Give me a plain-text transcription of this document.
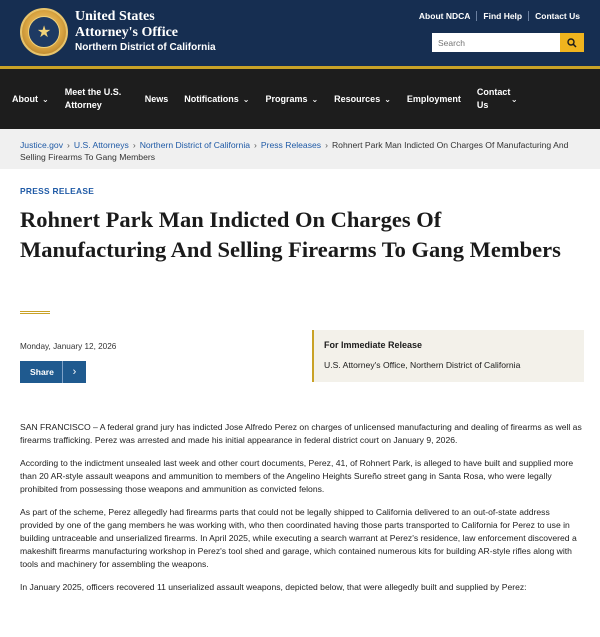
★
United States
Attorney's Office
Northern District of California
About NDCA	Find Help	Contact Us
Search
About ⌄
Meet the U.S. Attorney
News Notifications ⌄ Programs ⌄ Resources ⌄ Employment
Contact Us
⌄
Justice.gov › U.S. Attorneys › Northern District of California › Press Releases › Rohnert Park Man Indicted On Charges Of Manufacturing And Selling Firearms To Gang Members
PRESS RELEASE
Rohnert Park Man Indicted On Charges Of Manufacturing And Selling Firearms To Gang Members
Monday, January 12, 2026
Share	›
For Immediate Release
U.S. Attorney's Office, Northern District of California

SAN FRANCISCO – A federal grand jury has indicted Jose Alfredo Perez on charges of unlicensed manufacturing and dealing of firearms as well as firearms trafficking. Perez was arrested and made his initial appearance in federal district court on January 9, 2026.

According to the indictment unsealed last week and other court documents, Perez, 41, of Rohnert Park, is alleged to have built and supplied more than 20 AR-style assault weapons and ammunition to members of the Angelino Heights Sureño street gang in Santa Rosa, who were legally prohibited from possessing those weapons and ammunition as convicted felons.

As part of the scheme, Perez allegedly had firearms parts that could not be legally shipped to California delivered to an out-of-state address provided by one of the gang members he was working with, who then coordinated having those parts transported to California for Perez to use in building untraceable and unserialized firearms. In April 2025, while executing a search warrant at Perez's residence, law enforcement discovered a makeshift firearms manufacturing workshop in Perez's tool shed and garage, which contained numerous kits for building AR-style rifles along with tools and machinery for assembling the weapons.

In January 2025, officers recovered 11 unserialized assault weapons, depicted below, that were allegedly built and supplied by Perez:
